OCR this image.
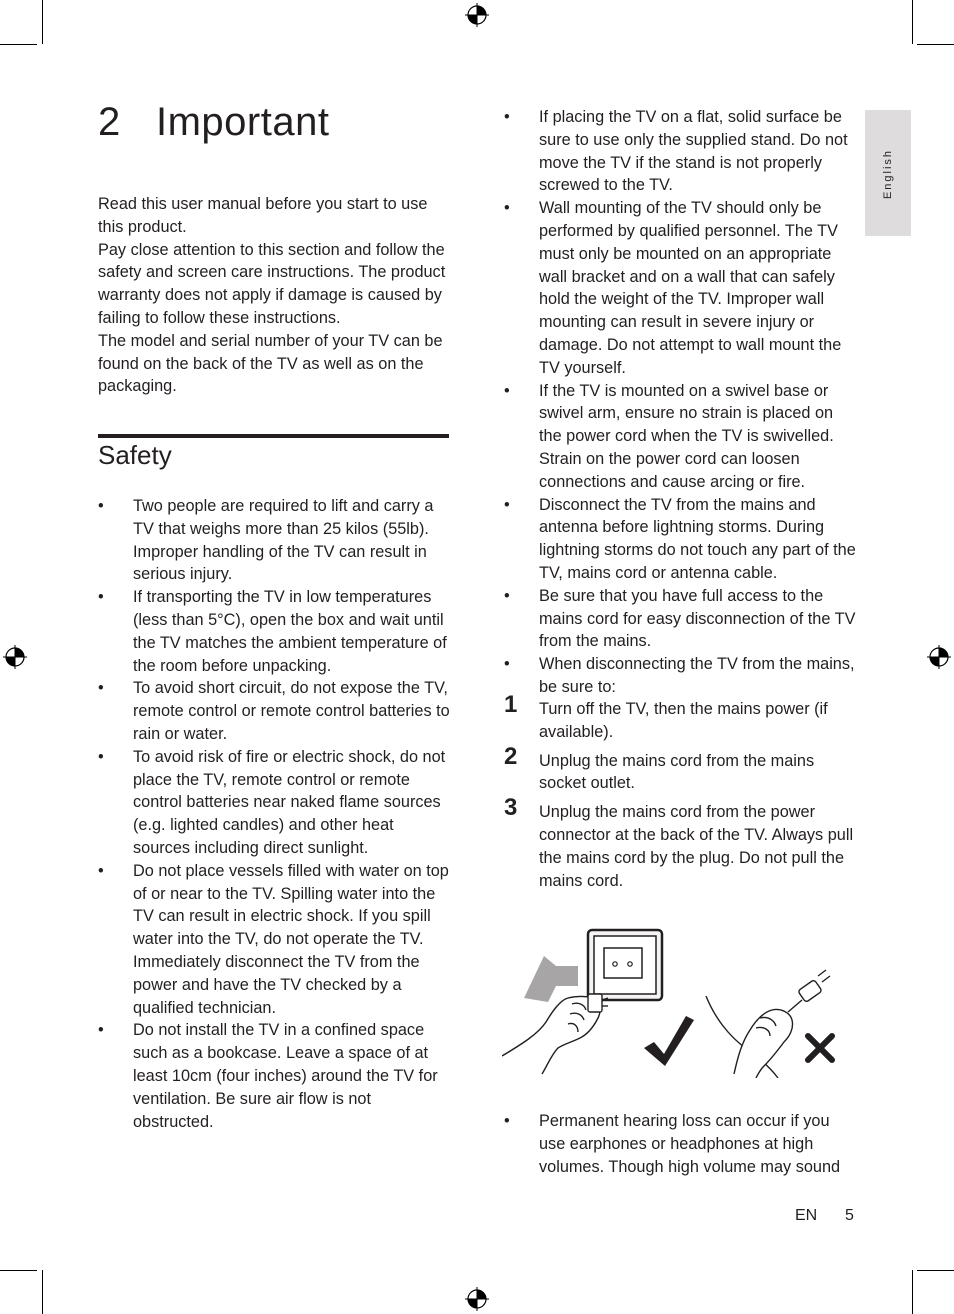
2 Important

Read this user manual before you start to use this product.

Pay close attention to this section and follow the safety and screen care instructions. The product warranty does not apply if damage is caused by failing to follow these instructions.

The model and serial number of your TV can be found on the back of the TV as well as on the packaging.

Safety
• Two people are required to lift and carry a TV that weighs more than 25 kilos (55lb). Improper handling of the TV can result in serious injury.
• If transporting the TV in low temperatures (less than 5°C), open the box and wait until the TV matches the ambient temperature of the room before unpacking.
• To avoid short circuit, do not expose the TV, remote control or remote control batteries to rain or water.
• To avoid risk of fire or electric shock, do not place the TV, remote control or remote control batteries near naked flame sources (e.g. lighted candles) and other heat sources including direct sunlight.
• Do not place vessels filled with water on top of or near to the TV. Spilling water into the TV can result in electric shock. If you spill water into the TV, do not operate the TV. Immediately disconnect the TV from the power and have the TV checked by a qualified technician.
• Do not install the TV in a confined space such as a bookcase. Leave a space of at least 10cm (four inches) around the TV for ventilation. Be sure air flow is not obstructed.
• If placing the TV on a flat, solid surface be sure to use only the supplied stand. Do not move the TV if the stand is not properly screwed to the TV.
• Wall mounting of the TV should only be performed by qualified personnel. The TV must only be mounted on an appropriate wall bracket and on a wall that can safely hold the weight of the TV. Improper wall mounting can result in severe injury or damage. Do not attempt to wall mount the TV yourself.
• If the TV is mounted on a swivel base or swivel arm, ensure no strain is placed on the power cord when the TV is swivelled. Strain on the power cord can loosen connections and cause arcing or fire.
• Disconnect the TV from the mains and antenna before lightning storms. During lightning storms do not touch any part of the TV, mains cord or antenna cable.
• Be sure that you have full access to the mains cord for easy disconnection of the TV from the mains.
• When disconnecting the TV from the mains, be sure to:
1 Turn off the TV, then the mains power (if available).
2 Unplug the mains cord from the mains socket outlet.
3 Unplug the mains cord from the power connector at the back of the TV. Always pull the mains cord by the plug. Do not pull the mains cord.
• Permanent hearing loss can occur if you use earphones or headphones at high volumes. Though high volume may sound
English
EN 5
